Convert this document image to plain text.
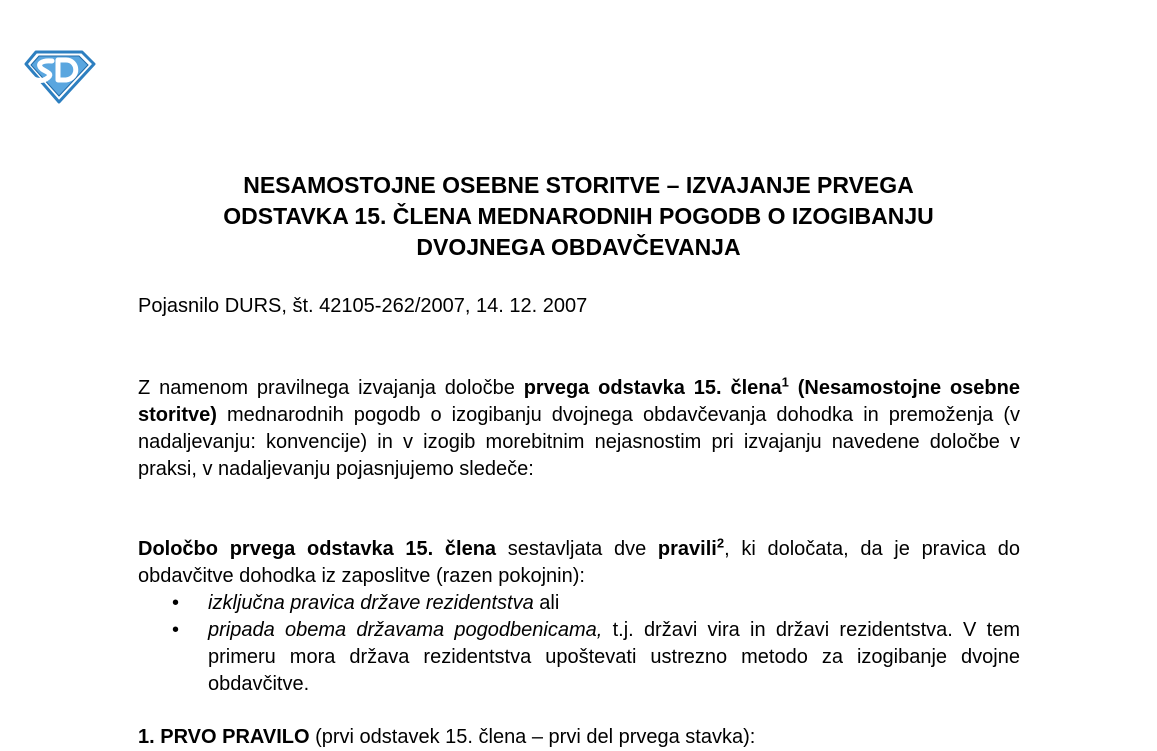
NESAMOSTOJNE OSEBNE STORITVE – IZVAJANJE PRVEGA
ODSTAVKA 15. ČLENA MEDNARODNIH POGODB O IZOGIBANJU
DVOJNEGA OBDAVČEVANJA
Pojasnilo DURS, št. 42105-262/2007, 14. 12. 2007
Z namenom pravilnega izvajanja določbe prvega odstavka 15. člena$^1$ (Nesamostojne osebne storitve) mednarodnih pogodb o izogibanju dvojnega obdavčevanja dohodka in premoženja (v nadaljevanju: konvencije) in v izogib morebitnim nejasnostim pri izvajanju navedene določbe v praksi, v nadaljevanju pojasnjujemo sledeče:
Določbo prvega odstavka 15. člena sestavljata dve pravili$^2$, ki določata, da je pravica do obdavčitve dohodka iz zaposlitve (razen pokojnin):
• izključna pravica države rezidentstva ali
• pripada obema državama pogodbenicama, t.j. državi vira in državi rezidentstva. V tem primeru mora država rezidentstva upoštevati ustrezno metodo za izogibanje dvojne obdavčitve.
1. PRVO PRAVILO (prvi odstavek 15. člena – prvi del prvega stavka):
